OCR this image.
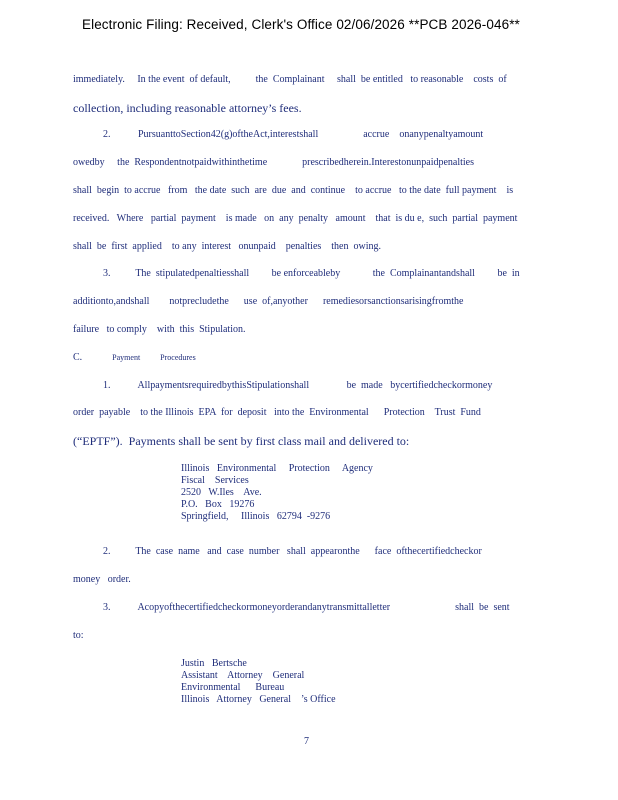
Electronic Filing: Received, Clerk's Office 02/06/2026 **PCB 2026-046**
immediately.     In the event  of default,          the  Complainant     shall  be entitled   to reasonable    costs  of
collection, including reasonable attorney’s fees.
2.           PursuanttoSection42(g)oftheAct,interestshall                  accrue    onanypenaltyamount
owedby     the  Respondentnotpaidwithinthetime              prescribedherein.Interestonunpaidpenalties
shall  begin  to accrue   from   the date  such  are  due  and  continue    to accrue   to the date  full payment    is
received.   Where   partial  payment    is made   on  any  penalty   amount    that  is du e,  such  partial  payment
shall  be  first  applied    to any  interest   onunpaid    penalties    then  owing.
3.          The  stipulatedpenaltiesshall         be enforceableby             the  Complainantandshall         be  in
additionto,andshall        notprecludethe      use  of,anyother      remediesorsanctionsarisingfromthe
failure   to comply    with  this  Stipulation.
C.            Payment          Procedures
1.           AllpaymentsrequiredbythisStipulationshall               be  made   bycertifiedcheckormoney
order  payable    to the Illinois  EPA  for  deposit   into the  Environmental      Protection    Trust  Fund
(“EPTF”).  Payments shall be sent by first class mail and delivered to:
Illinois   Environmental     Protection     Agency
Fiscal    Services
2520   W.Iles    Ave.
P.O.   Box   19276
Springfield,     Illinois   62794  -9276
2.          The  case  name   and  case  number   shall  appearonthe      face  ofthecertifiedcheckor
money   order.
3.           Acopyofthecertifiedcheckormoneyorderandanytransmittalletter                          shall  be  sent
to:
Justin   Bertsche
Assistant    Attorney    General
Environmental      Bureau
Illinois   Attorney   General    ’s Office
7
